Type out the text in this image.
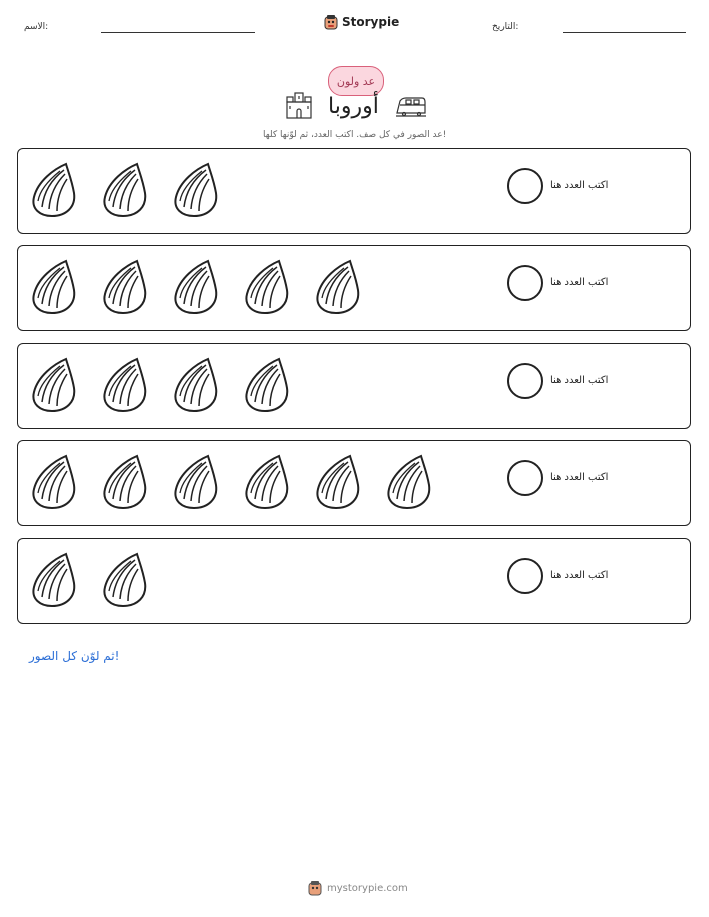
الاسم:	Storypie	التاريخ:
عد ولون
أوروبا
عد الصور في كل صف. اكتب العدد، ثم لوّنها كلها!
اكتب العدد هنا
اكتب العدد هنا
اكتب العدد هنا
اكتب العدد هنا
اكتب العدد هنا
ثم لوّن كل الصور!
mystorypie.com
